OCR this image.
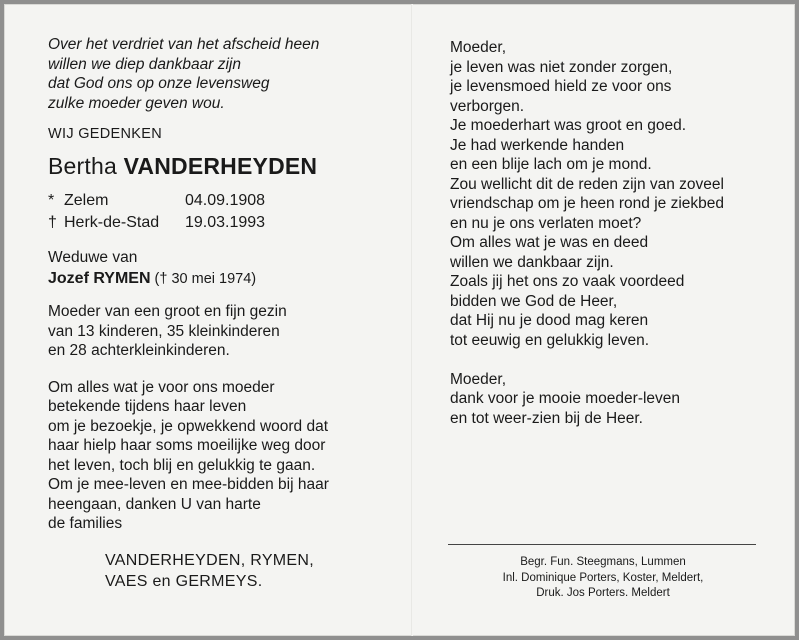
Over het verdriet van het afscheid heen
willen we diep dankbaar zijn
dat God ons op onze levensweg
zulke moeder geven wou.
WIJ GEDENKEN
Bertha VANDERHEYDEN
* Zelem	04.09.1908
† Herk-de-Stad	19.03.1993
Weduwe van
Jozef RYMEN († 30 mei 1974)
Moeder van een groot en fijn gezin
van 13 kinderen, 35 kleinkinderen
en 28 achterkleinkinderen.
Om alles wat je voor ons moeder
betekende tijdens haar leven
om je bezoekje, je opwekkend woord dat
haar hielp haar soms moeilijke weg door
het leven, toch blij en gelukkig te gaan.
Om je mee-leven en mee-bidden bij haar
heengaan, danken U van harte
de families
VANDERHEYDEN, RYMEN,
VAES en GERMEYS.
Moeder,
je leven was niet zonder zorgen,
je levensmoed hield ze voor ons
verborgen.
Je moederhart was groot en goed.
Je had werkende handen
en een blije lach om je mond.
Zou wellicht dit de reden zijn van zoveel
vriendschap om je heen rond je ziekbed
en nu je ons verlaten moet?
Om alles wat je was en deed
willen we dankbaar zijn.
Zoals jij het ons zo vaak voordeed
bidden we God de Heer,
dat Hij nu je dood mag keren
tot eeuwig en gelukkig leven.
Moeder,
dank voor je mooie moeder-leven
en tot weer-zien bij de Heer.
Begr. Fun. Steegmans, Lummen
Inl. Dominique Porters, Koster, Meldert,
Druk. Jos Porters. Meldert
